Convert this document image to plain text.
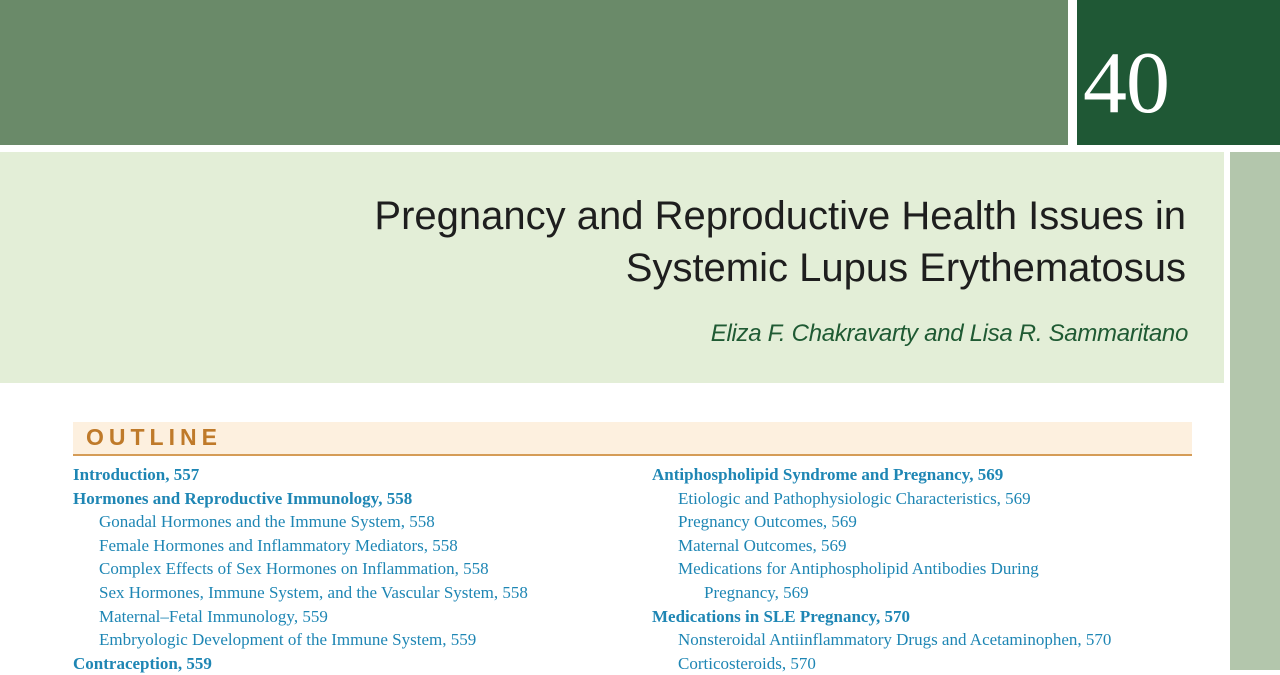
40
Pregnancy and Reproductive Health Issues in
Systemic Lupus Erythematosus
Eliza F. Chakravarty and Lisa R. Sammaritano
OUTLINE
Introduction, 557
Hormones and Reproductive Immunology, 558
Gonadal Hormones and the Immune System, 558
Female Hormones and Inflammatory Mediators, 558
Complex Effects of Sex Hormones on Inflammation, 558
Sex Hormones, Immune System, and the Vascular System, 558
Maternal–Fetal Immunology, 559
Embryologic Development of the Immune System, 559
Contraception, 559
Antiphospholipid Syndrome and Pregnancy, 569
Etiologic and Pathophysiologic Characteristics, 569
Pregnancy Outcomes, 569
Maternal Outcomes, 569
Medications for Antiphospholipid Antibodies During
Pregnancy, 569
Medications in SLE Pregnancy, 570
Nonsteroidal Antiinflammatory Drugs and Acetaminophen, 570
Corticosteroids, 570
